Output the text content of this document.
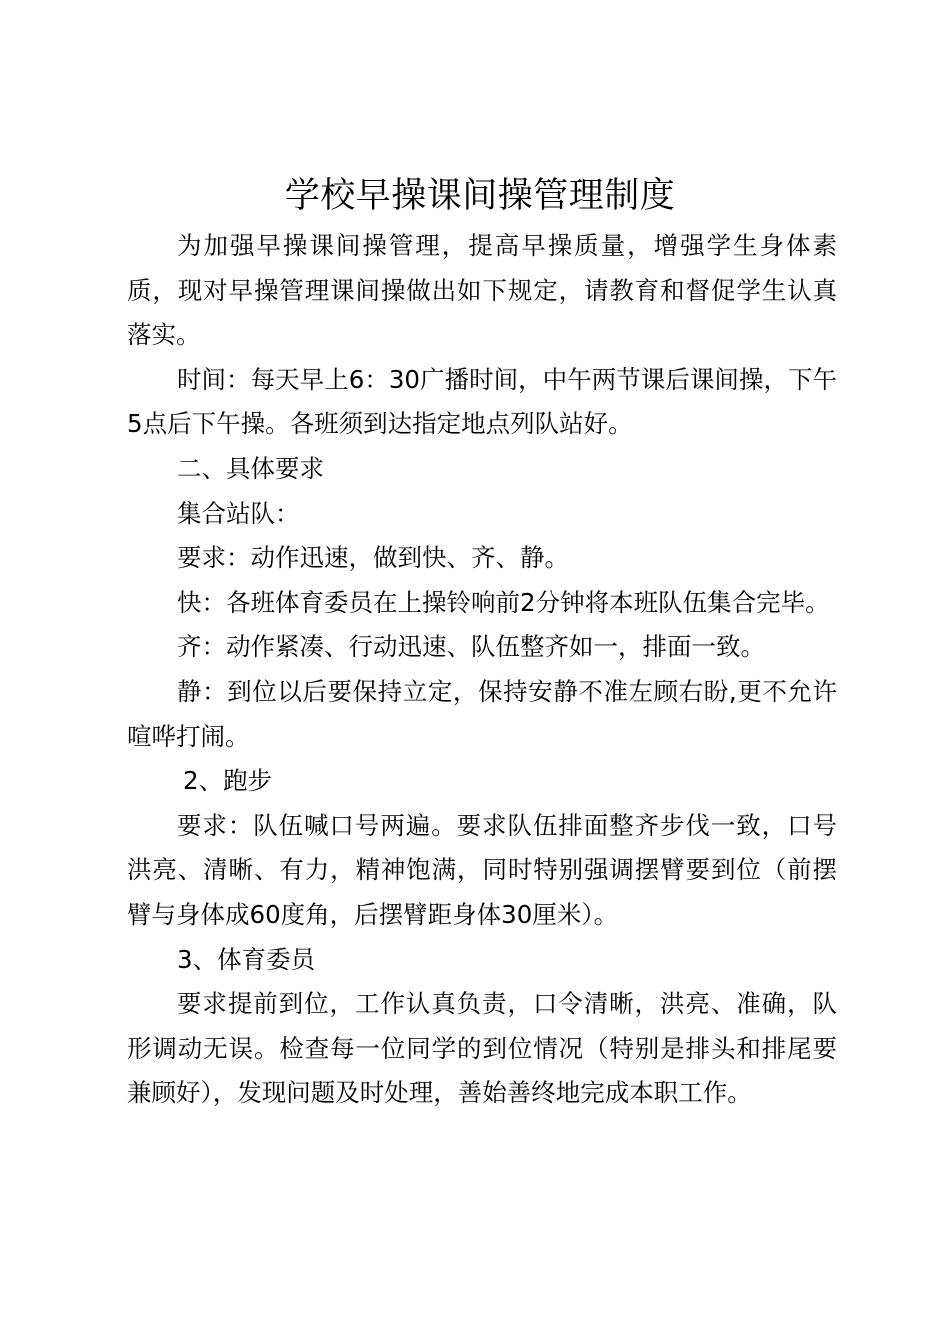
学校早操课间操管理制度

为加强早操课间操管理，提高早操质量，增强学生身体素质，现对早操管理课间操做出如下规定，请教育和督促学生认真落实。

时间：每天早上6：30广播时间，中午两节课后课间操，下午5点后下午操。各班须到达指定地点列队站好。

二、具体要求

集合站队：

要求：动作迅速，做到快、齐、静。

快：各班体育委员在上操铃响前2分钟将本班队伍集合完毕。

齐：动作紧凑、行动迅速、队伍整齐如一，排面一致。

静：到位以后要保持立定，保持安静不准左顾右盼,更不允许喧哗打闹。

2、跑步

要求：队伍喊口号两遍。要求队伍排面整齐步伐一致，口号洪亮、清晰、有力，精神饱满，同时特别强调摆臂要到位（前摆臂与身体成60度角，后摆臂距身体30厘米）。

3、体育委员

要求提前到位，工作认真负责，口令清晰，洪亮、准确，队形调动无误。检查每一位同学的到位情况（特别是排头和排尾要兼顾好），发现问题及时处理，善始善终地完成本职工作。
